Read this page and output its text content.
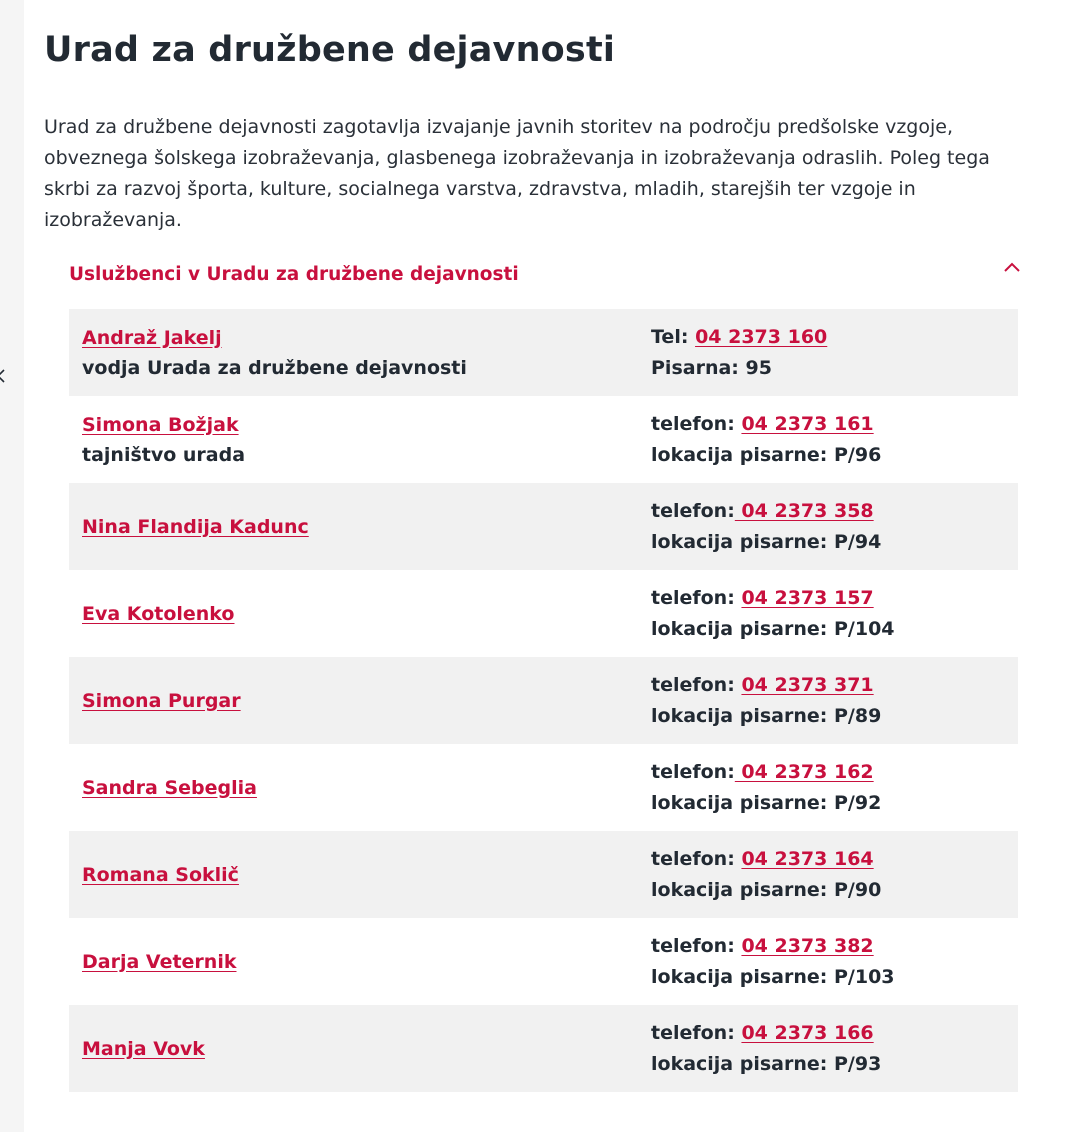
Urad za družbene dejavnosti

Urad za družbene dejavnosti zagotavlja izvajanje javnih storitev na področju predšolske vzgoje, obveznega šolskega izobraževanja, glasbenega izobraževanja in izobraževanja odraslih. Poleg tega skrbi za razvoj športa, kulture, socialnega varstva, zdravstva, mladih, starejših ter vzgoje in izobraževanja.

Uslužbenci v Uradu za družbene dejavnosti
Andraž Jakelj
vodja Urada za družbene dejavnosti
Tel: 04 2373 160
Pisarna: 95
Simona Božjak
tajništvo urada
telefon: 04 2373 161
lokacija pisarne: P/96
Nina Flandija Kadunc
telefon: 04 2373 358
lokacija pisarne: P/94
Eva Kotolenko
telefon: 04 2373 157
lokacija pisarne: P/104
Simona Purgar
telefon: 04 2373 371
lokacija pisarne: P/89
Sandra Sebeglia
telefon: 04 2373 162
lokacija pisarne: P/92
Romana Soklič
telefon: 04 2373 164
lokacija pisarne: P/90
Darja Veternik
telefon: 04 2373 382
lokacija pisarne: P/103
Manja Vovk
telefon: 04 2373 166
lokacija pisarne: P/93
